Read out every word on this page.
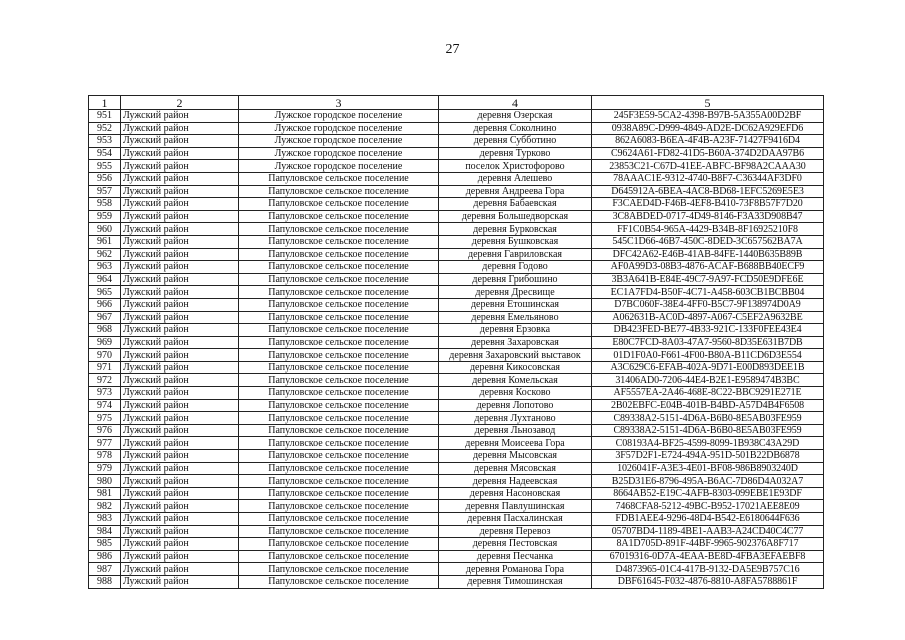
27
1	2	3	4	5
951	Лужский район	Лужское городское поселение	деревня Озерская	245F3E59-5CA2-4398-B97B-5A355A00D2BF
952	Лужский район	Лужское городское поселение	деревня Соколнино	0938A89C-D999-4849-AD2E-DC62A929EFD6
953	Лужский район	Лужское городское поселение	деревня Субботино	862A6083-B6EA-4F4B-A23F-71427F9416D4
954	Лужский район	Лужское городское поселение	деревня Турково	C9624A61-FD82-41D5-B60A-374D2DAA97B6
955	Лужский район	Лужское городское поселение	поселок Христофорово	23853C21-C67D-41EE-ABFC-BF98A2CAAA30
956	Лужский район	Папуловское сельское поселение	деревня Алешево	78AAAC1E-9312-4740-B8F7-C36344AF3DF0
957	Лужский район	Папуловское сельское поселение	деревня Андреева Гора	D645912A-6BEA-4AC8-BD68-1EFC5269E5E3
958	Лужский район	Папуловское сельское поселение	деревня Бабаевская	F3CAED4D-F46B-4EF8-B410-73F8B57F7D20
959	Лужский район	Папуловское сельское поселение	деревня Большедворская	3C8ABDED-0717-4D49-8146-F3A33D908B47
960	Лужский район	Папуловское сельское поселение	деревня Бурковская	FF1C0B54-965A-4429-B34B-8F16925210F8
961	Лужский район	Папуловское сельское поселение	деревня Бушковская	545C1D66-46B7-450C-8DED-3C657562BA7A
962	Лужский район	Папуловское сельское поселение	деревня Гавриловская	DFC42A62-E46B-41AB-84FE-1440B635B89B
963	Лужский район	Папуловское сельское поселение	деревня Годово	AF0A99D3-08B3-4876-ACAF-B688BB40ECF9
964	Лужский район	Папуловское сельское поселение	деревня Грибошино	3B3A641B-E84E-49C7-9A97-FCD50E9DFE6E
965	Лужский район	Папуловское сельское поселение	деревня Дресвище	EC1A7FD4-B50F-4C71-A458-603CB1BCBB04
966	Лужский район	Папуловское сельское поселение	деревня Етошинская	D7BC060F-38E4-4FF0-B5C7-9F138974D0A9
967	Лужский район	Папуловское сельское поселение	деревня Емельяново	A062631B-AC0D-4897-A067-C5EF2A9632BE
968	Лужский район	Папуловское сельское поселение	деревня Ерзовка	DB423FED-BE77-4B33-921C-133F0FEE43E4
969	Лужский район	Папуловское сельское поселение	деревня Захаровская	E80C7FCD-8A03-47A7-9560-8D35E631B7DB
970	Лужский район	Папуловское сельское поселение	деревня Захаровский выставок	01D1F0A0-F661-4F00-B80A-B11CD6D3E554
971	Лужский район	Папуловское сельское поселение	деревня Кикосовская	A3C629C6-EFAB-402A-9D71-E00D893DEE1B
972	Лужский район	Папуловское сельское поселение	деревня Комельская	31406AD0-7206-44E4-B2E1-E9589474B3BC
973	Лужский район	Папуловское сельское поселение	деревня Косково	AF5557EA-2A46-468E-8C22-BBC9291E271E
974	Лужский район	Папуловское сельское поселение	деревня Лопотово	2B02EBFC-E04B-401B-B4BD-A57D4B4F6508
975	Лужский район	Папуловское сельское поселение	деревня Лухтаново	C89338A2-5151-4D6A-B6B0-8E5AB03FE959
976	Лужский район	Папуловское сельское поселение	деревня Льнозавод	C89338A2-5151-4D6A-B6B0-8E5AB03FE959
977	Лужский район	Папуловское сельское поселение	деревня Моисеева Гора	C08193A4-BF25-4599-8099-1B938C43A29D
978	Лужский район	Папуловское сельское поселение	деревня Мысовская	3F57D2F1-E724-494A-951D-501B22DB6878
979	Лужский район	Папуловское сельское поселение	деревня Мясовская	1026041F-A3E3-4E01-BF08-986B8903240D
980	Лужский район	Папуловское сельское поселение	деревня Надеевская	B25D31E6-8796-495A-B6AC-7D86D4A032A7
981	Лужский район	Папуловское сельское поселение	деревня Насоновская	8664AB52-E19C-4AFB-8303-099EBE1E93DF
982	Лужский район	Папуловское сельское поселение	деревня Павлушинская	7468CFA8-5212-49BC-B952-17021AEE8E09
983	Лужский район	Папуловское сельское поселение	деревня Пасхалинская	FDB1AEE4-9296-48D4-B542-E6180644F636
984	Лужский район	Папуловское сельское поселение	деревня Перевоз	05707BD4-1189-4BE1-AAB3-A24CD40C4C77
985	Лужский район	Папуловское сельское поселение	деревня Пестовская	8A1D705D-891F-44BF-9965-902376A8F717
986	Лужский район	Папуловское сельское поселение	деревня Песчанка	67019316-0D7A-4EAA-BE8D-4FBA3EFAEBF8
987	Лужский район	Папуловское сельское поселение	деревня Романова Гора	D4873965-01C4-417B-9132-DA5E9B757C16
988	Лужский район	Папуловское сельское поселение	деревня Тимошинская	DBF61645-F032-4876-8810-A8FA5788861F
